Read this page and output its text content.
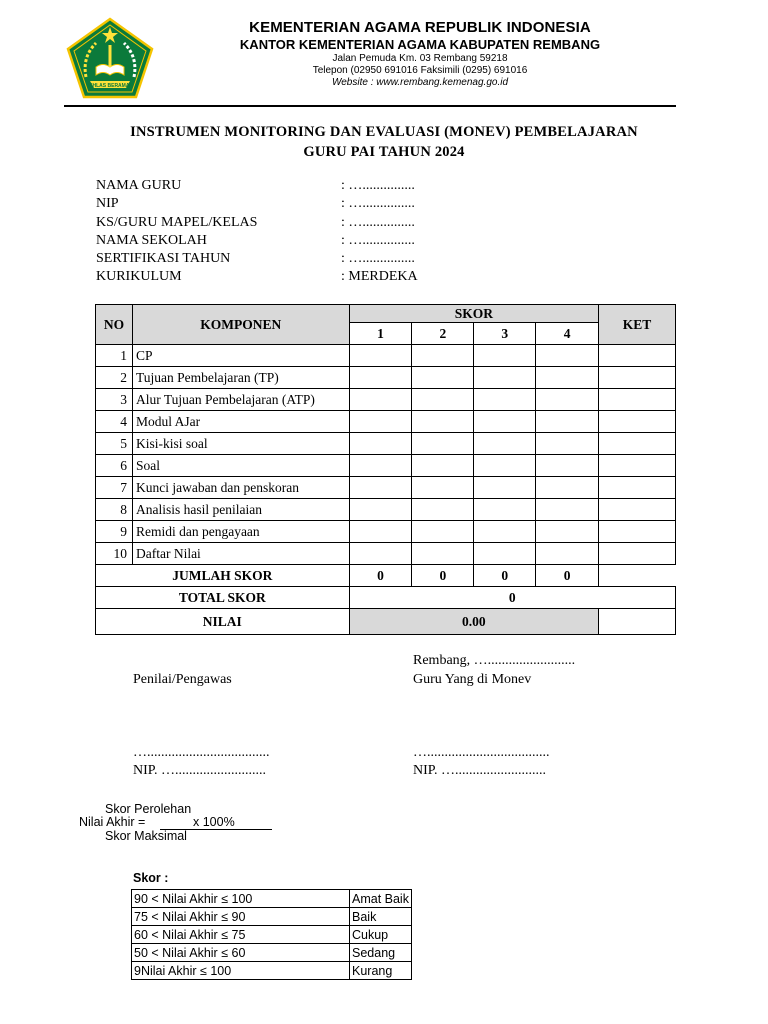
IKHLAS BERAMAL
KEMENTERIAN AGAMA REPUBLIK INDONESIA
KANTOR KEMENTERIAN AGAMA KABUPATEN REMBANG
Jalan Pemuda Km. 03 Rembang 59218
Telepon (02950 691016 Faksimili (0295) 691016
Website : www.rembang.kemenag.go.id
INSTRUMEN MONITORING DAN EVALUASI (MONEV) PEMBELAJARAN
GURU PAI TAHUN 2024
NAMA GURU	: …...............
NIP	: …...............
KS/GURU MAPEL/KELAS	: …...............
NAMA SEKOLAH	: …...............
SERTIFIKASI TAHUN	: …...............
KURIKULUM	: MERDEKA
NO	KOMPONEN	SKOR				KET
		1	2	3	4	
1	CP					
2	Tujuan Pembelajaran (TP)					
3	Alur Tujuan Pembelajaran (ATP)					
4	Modul AJar					
5	Kisi-kisi soal					
6	Soal					
7	Kunci jawaban dan penskoran					
8	Analisis hasil penilaian					
9	Remidi dan pengayaan					
10	Daftar Nilai					
JUMLAH SKOR		0	0	0	0	
TOTAL SKOR		0				
NILAI		0.00				
Rembang, ….........................
Penilai/Pengawas	Guru Yang di Monev
…...................................	…...................................
NIP. …..........................	NIP. …..........................
Skor Perolehan
Nilai Akhir =	x 100%
Skor Maksimal
Skor :
90 < Nilai Akhir ≤ 100	Amat Baik
75 < Nilai Akhir ≤ 90	Baik
60 < Nilai Akhir ≤ 75	Cukup
50 < Nilai Akhir ≤ 60	Sedang
9Nilai Akhir ≤ 100	Kurang
